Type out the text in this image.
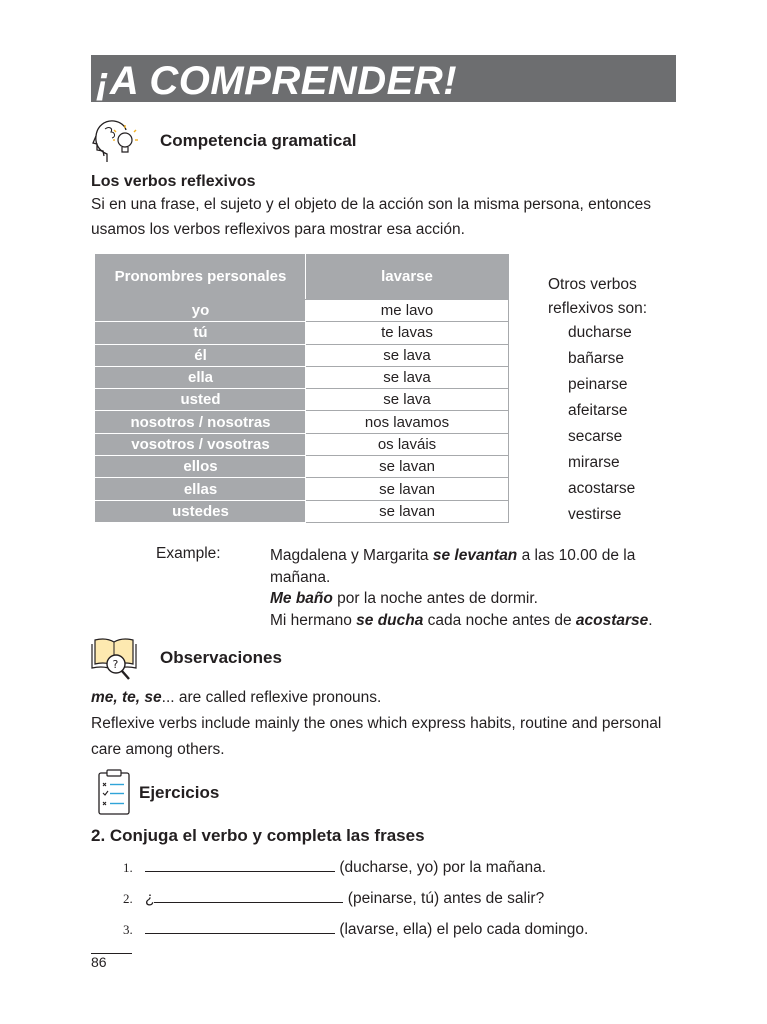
¡A COMPRENDER!
Competencia gramatical
Los verbos reflexivos
Si en una frase, el sujeto y el objeto de la acción son la misma persona, entonces
usamos los verbos reflexivos para mostrar esa acción.
Pronombres personales	lavarse
yo	me lavo
tú	te lavas
él	se lava
ella	se lava
usted	se lava
nosotros / nosotras	nos lavamos
vosotros / vosotras	os laváis
ellos	se lavan
ellas	se lavan
ustedes	se lavan
Otros verbos
reflexivos son:
ducharse
bañarse
peinarse
afeitarse
secarse
mirarse
acostarse
vestirse
Example:	Magdalena y Margarita se levantan a las 10.00 de la
mañana.
Me baño por la noche antes de dormir.
Mi hermano se ducha cada noche antes de acostarse.
? Observaciones
me, te, se... are called reflexive pronouns.
Reflexive verbs include mainly the ones which express habits, routine and personal
care among others.
Ejercicios
2. Conjuga el verbo y completa las frases
1.	(ducharse, yo) por la mañana.
2. ¿	(peinarse, tú) antes de salir?
3.	(lavarse, ella) el pelo cada domingo.
86
